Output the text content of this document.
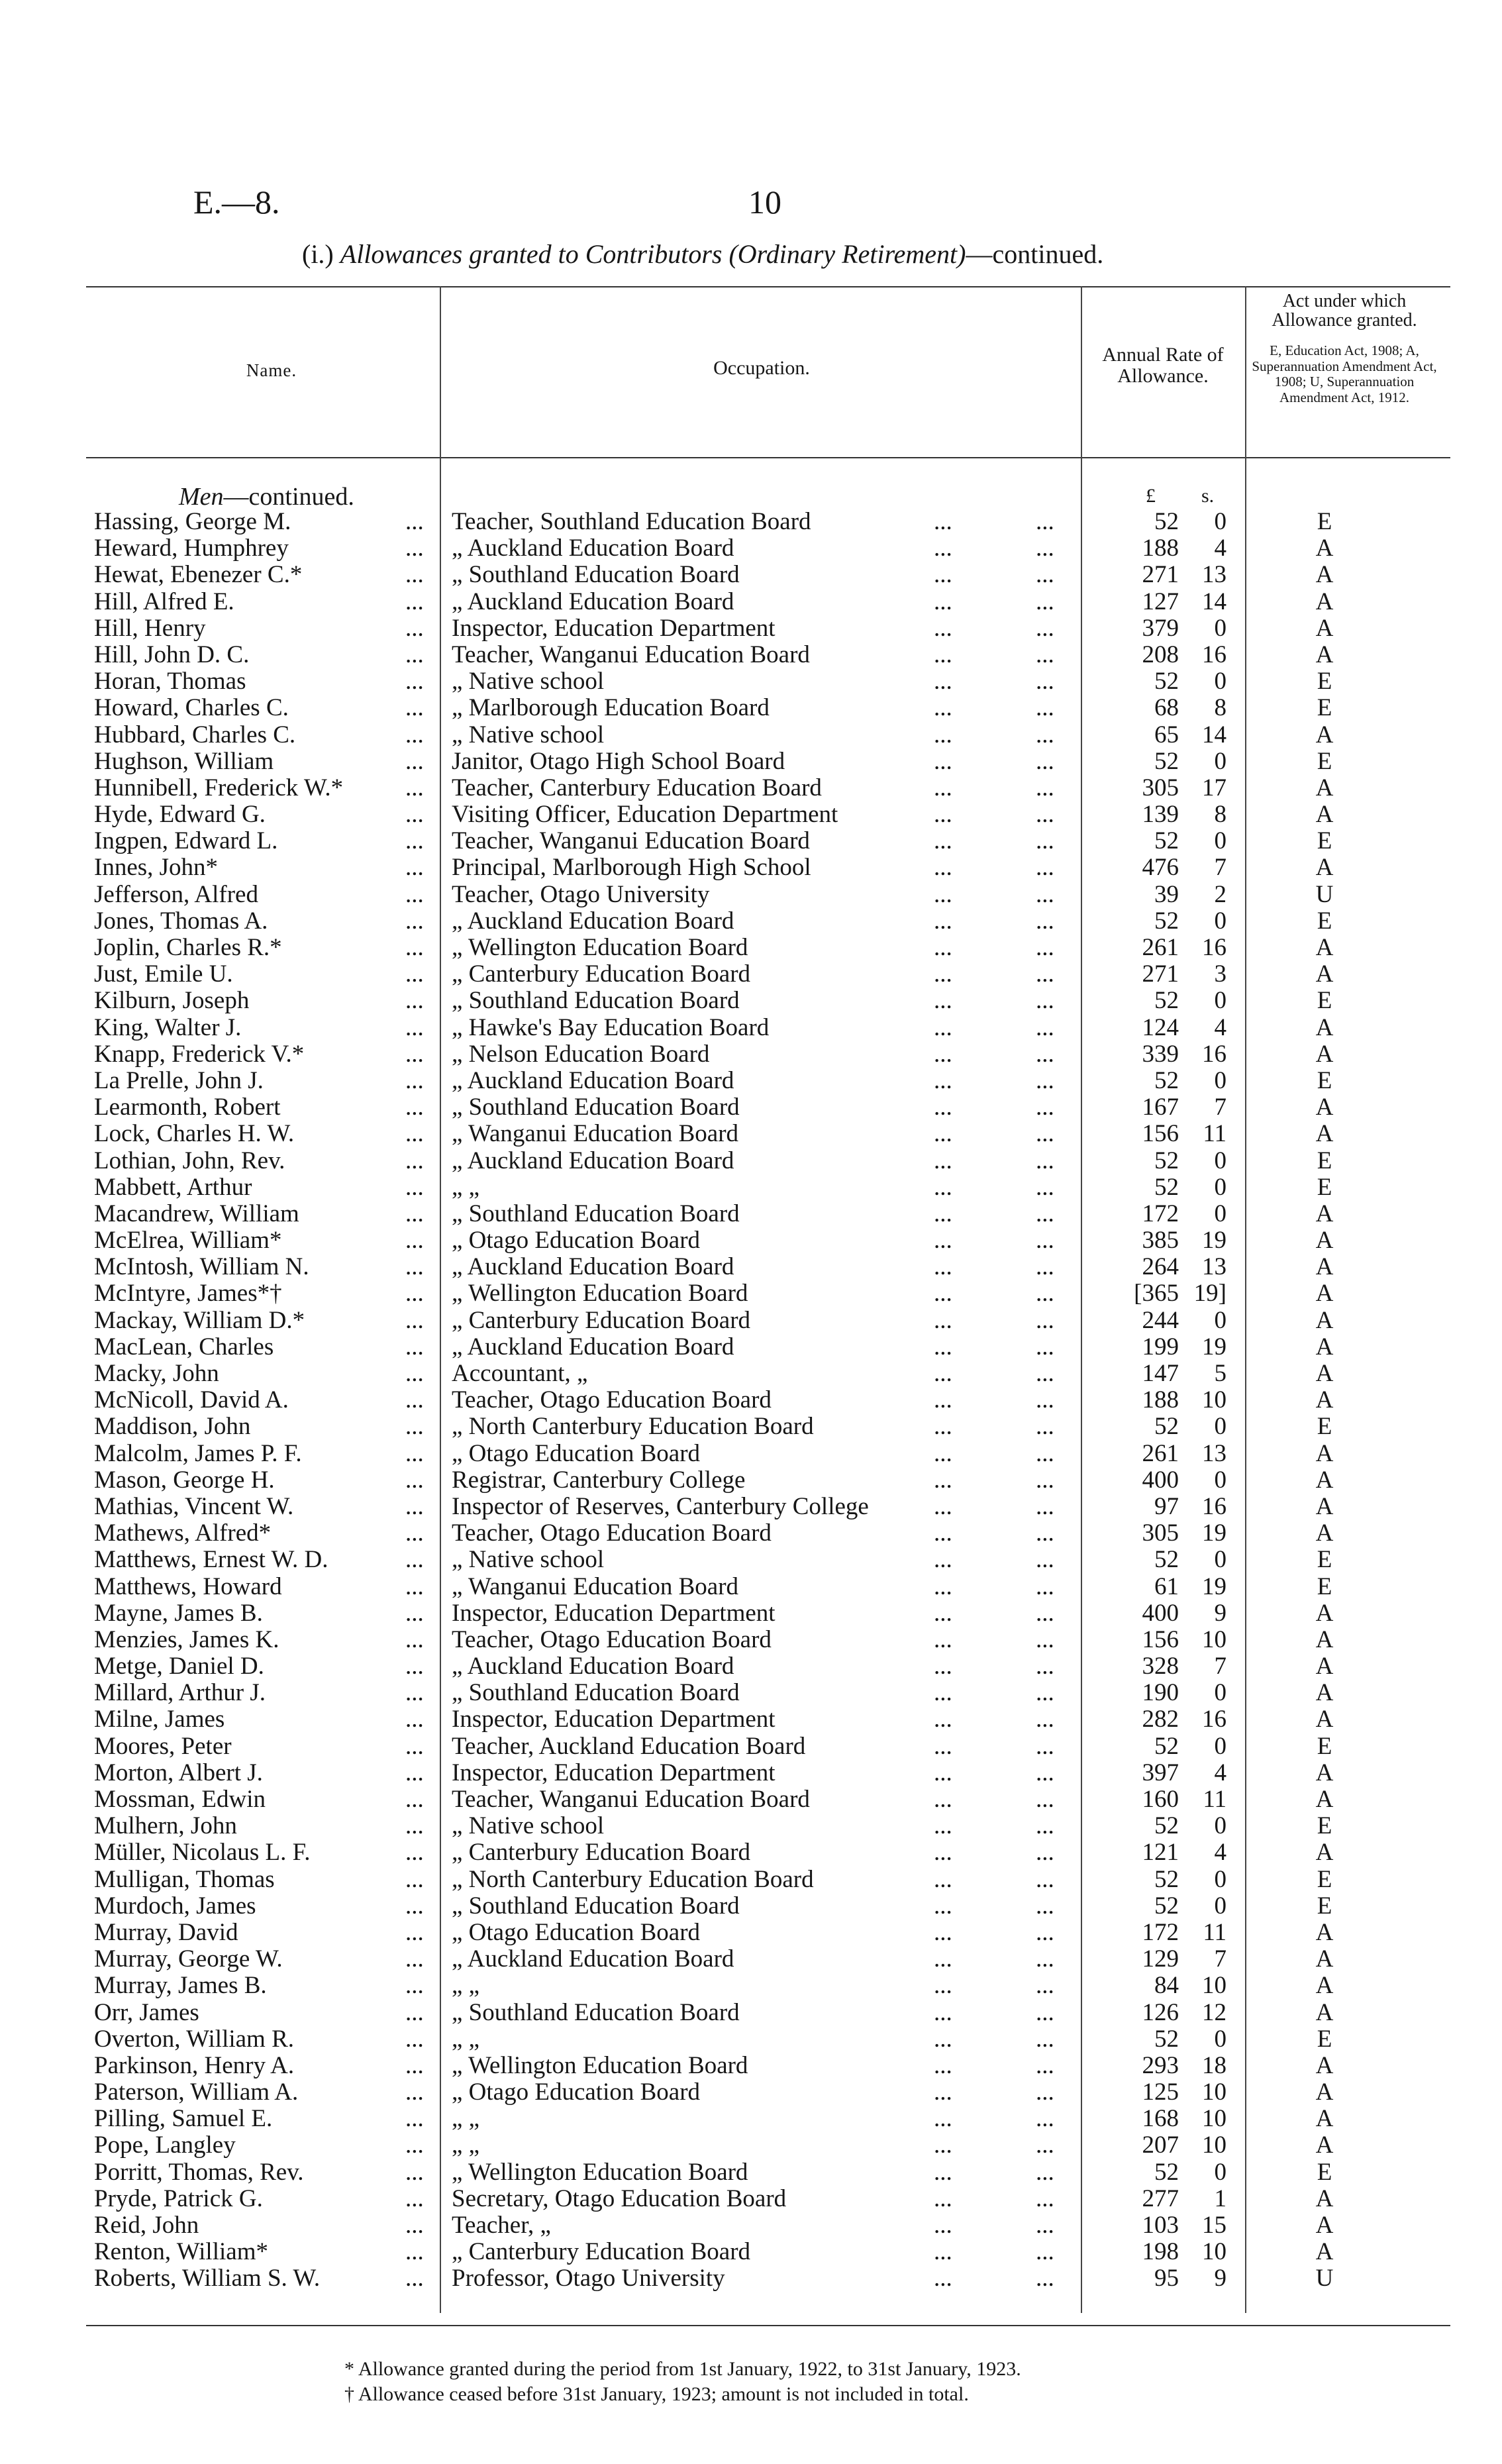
E.—8.	10
(i.) Allowances granted to Contributors (Ordinary Retirement)—continued.
Name.	Occupation.
Annual Rate of Allowance.
Act under which Allowance granted.
E, Education Act, 1908; A, Superannuation Amendment Act, 1908; U, Superannuation Amendment Act, 1912.
Men—continued.	£ s.
Hassing, George M.	... Teacher, Southland Education Board	...	...	52	0	E
Heward, Humphrey	... „ Auckland Education Board	...	...	188	4	A
Hewat, Ebenezer C.*	... „ Southland Education Board	...	...	271 13	A
Hill, Alfred E.	... „ Auckland Education Board	...	...	127 14	A
Hill, Henry	... Inspector, Education Department	...	...	379	0	A
Hill, John D. C.	... Teacher, Wanganui Education Board	...	...	208 16	A
Horan, Thomas	... „ Native school	...	...	52	0	E
Howard, Charles C.	... „ Marlborough Education Board	...	...	68	8	E
Hubbard, Charles C.	... „ Native school	...	...	65 14	A
Hughson, William	... Janitor, Otago High School Board	...	...	52	0	E
Hunnibell, Frederick W.*	... Teacher, Canterbury Education Board	...	...	305 17	A
Hyde, Edward G.	... Visiting Officer, Education Department	...	...	139	8	A
Ingpen, Edward L.	... Teacher, Wanganui Education Board	...	...	52	0	E
Innes, John*	... Principal, Marlborough High School	...	...	476	7	A
Jefferson, Alfred	... Teacher, Otago University	...	...	39	2	U
Jones, Thomas A.	... „ Auckland Education Board	...	...	52	0	E
Joplin, Charles R.*	... „ Wellington Education Board	...	...	261 16	A
Just, Emile U.	... „ Canterbury Education Board	...	...	271	3	A
Kilburn, Joseph	... „ Southland Education Board	...	...	52	0	E
King, Walter J.	... „ Hawke's Bay Education Board	...	...	124	4	A
Knapp, Frederick V.*	... „ Nelson Education Board	...	...	339 16	A
La Prelle, John J.	... „ Auckland Education Board	...	...	52	0	E
Learmonth, Robert	... „ Southland Education Board	...	...	167	7	A
Lock, Charles H. W.	... „ Wanganui Education Board	...	...	156 11	A
Lothian, John, Rev.	... „ Auckland Education Board	...	...	52	0	E
Mabbett, Arthur	... „ „	...	...	52	0	E
Macandrew, William	... „ Southland Education Board	...	...	172	0	A
McElrea, William*	... „ Otago Education Board	...	...	385 19	A
McIntosh, William N.	... „ Auckland Education Board	...	...	264 13	A
McIntyre, James*†	... „ Wellington Education Board	...	...	[365 19]	A
Mackay, William D.*	... „ Canterbury Education Board	...	...	244	0	A
MacLean, Charles	... „ Auckland Education Board	...	...	199 19	A
Macky, John	... Accountant, „	...	...	147	5	A
McNicoll, David A.	... Teacher, Otago Education Board	...	...	188 10	A
Maddison, John	... „ North Canterbury Education Board	...	...	52	0	E
Malcolm, James P. F.	... „ Otago Education Board	...	...	261 13	A
Mason, George H.	... Registrar, Canterbury College	...	...	400	0	A
Mathias, Vincent W.	... Inspector of Reserves, Canterbury College	...	...	97 16	A
Mathews, Alfred*	... Teacher, Otago Education Board	...	...	305 19	A
Matthews, Ernest W. D.	... „ Native school	...	...	52	0	E
Matthews, Howard	... „ Wanganui Education Board	...	...	61 19	E
Mayne, James B.	... Inspector, Education Department	...	...	400	9	A
Menzies, James K.	... Teacher, Otago Education Board	...	...	156 10	A
Metge, Daniel D.	... „ Auckland Education Board	...	...	328	7	A
Millard, Arthur J.	... „ Southland Education Board	...	...	190	0	A
Milne, James	... Inspector, Education Department	...	...	282 16	A
Moores, Peter	... Teacher, Auckland Education Board	...	...	52	0	E
Morton, Albert J.	... Inspector, Education Department	...	...	397	4	A
Mossman, Edwin	... Teacher, Wanganui Education Board	...	...	160 11	A
Mulhern, John	... „ Native school	...	...	52	0	E
Müller, Nicolaus L. F.	... „ Canterbury Education Board	...	...	121	4	A
Mulligan, Thomas	... „ North Canterbury Education Board	...	...	52	0	E
Murdoch, James	... „ Southland Education Board	...	...	52	0	E
Murray, David	... „ Otago Education Board	...	...	172 11	A
Murray, George W.	... „ Auckland Education Board	...	...	129	7	A
Murray, James B.	... „ „	...	...	84 10	A
Orr, James	... „ Southland Education Board	...	...	126 12	A
Overton, William R.	... „ „	...	...	52	0	E
Parkinson, Henry A.	... „ Wellington Education Board	...	...	293 18	A
Paterson, William A.	... „ Otago Education Board	...	...	125 10	A
Pilling, Samuel E.	... „ „	...	...	168 10	A
Pope, Langley	... „ „	...	...	207 10	A
Porritt, Thomas, Rev.	... „ Wellington Education Board	...	...	52	0	E
Pryde, Patrick G.	... Secretary, Otago Education Board	...	...	277	1	A
Reid, John	... Teacher, „	...	...	103 15	A
Renton, William*	... „ Canterbury Education Board	...	...	198 10	A
Roberts, William S. W.	... Professor, Otago University	...	...	95	9	U
* Allowance granted during the period from 1st January, 1922, to 31st January, 1923.
† Allowance ceased before 31st January, 1923; amount is not included in total.
